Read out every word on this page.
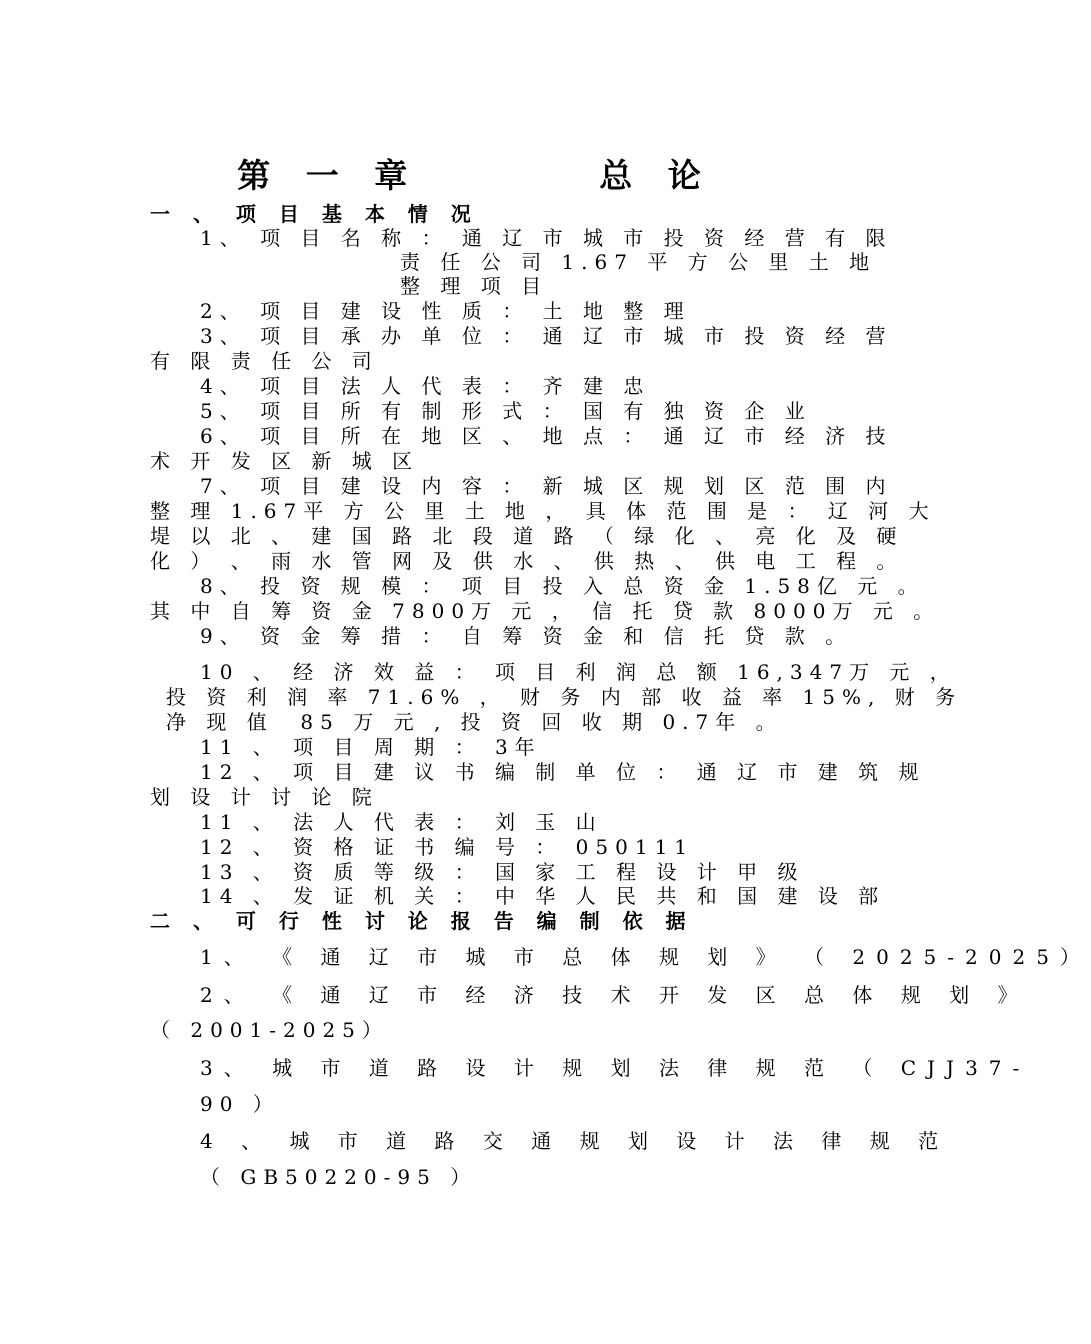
第 一 章　　　　总 论
一 、 项 目 基 本 情 况
1、 项 目 名 称 ： 通 辽 市 城 市 投 资 经 营 有 限
责 任 公 司 1.67 平 方 公 里 土 地
整 理 项 目
2、 项 目 建 设 性 质 ： 土 地 整 理
3、 项 目 承 办 单 位 ： 通 辽 市 城 市 投 资 经 营
有 限 责 任 公 司
4、 项 目 法 人 代 表 ： 齐 建 忠
5、 项 目 所 有 制 形 式 ： 国 有 独 资 企 业
6、 项 目 所 在 地 区 、 地 点 ： 通 辽 市 经 济 技
术 开 发 区 新 城 区
7、 项 目 建 设 内 容 ： 新 城 区 规 划 区 范 围 内
整 理 1.67平 方 公 里 土 地 ， 具 体 范 围 是 ： 辽 河 大
堤 以 北 、 建 国 路 北 段 道 路 （ 绿 化 、 亮 化 及 硬
化 ） 、 雨 水 管 网 及 供 水 、 供 热 、 供 电 工 程 。
8、 投 资 规 模 ： 项 目 投 入 总 资 金 1.58亿 元 。
其 中 自 筹 资 金 7800万 元 ， 信 托 贷 款 8000万 元 。
9、 资 金 筹 措 ： 自 筹 资 金 和 信 托 贷 款 。
10 、 经 济 效 益 ： 项 目 利 润 总 额 16,347万 元 ，
投 资 利 润 率 71.6% ， 财 务 内 部 收 益 率 15%, 财 务
净 现 值  85 万 元 , 投 资 回 收 期 0.7年 。
11 、 项 目 周 期 ： 3年
12 、 项 目 建 议 书 编 制 单 位 ： 通 辽 市 建 筑 规
划 设 计 讨 论 院
11 、 法 人 代 表 ： 刘 玉 山
12 、 资 格 证 书 编 号 ： 050111
13 、 资 质 等 级 ： 国 家 工 程 设 计 甲 级
14 、 发 证 机 关 ： 中 华 人 民 共 和 国 建 设 部
二 、 可 行 性 讨 论 报 告 编 制 依 据
1、 《 通 辽 市 城 市 总 体 规 划 》 （ 2025-2025）
2、 《 通 辽 市 经 济 技 术 开 发 区 总 体 规 划 》
（ 2001-2025）
3、 城 市 道 路 设 计 规 划 法 律 规 范 （ CJJ37-
90 ）
4 、 城 市 道 路 交 通 规 划 设 计 法 律 规 范
（ GB50220-95 ）
